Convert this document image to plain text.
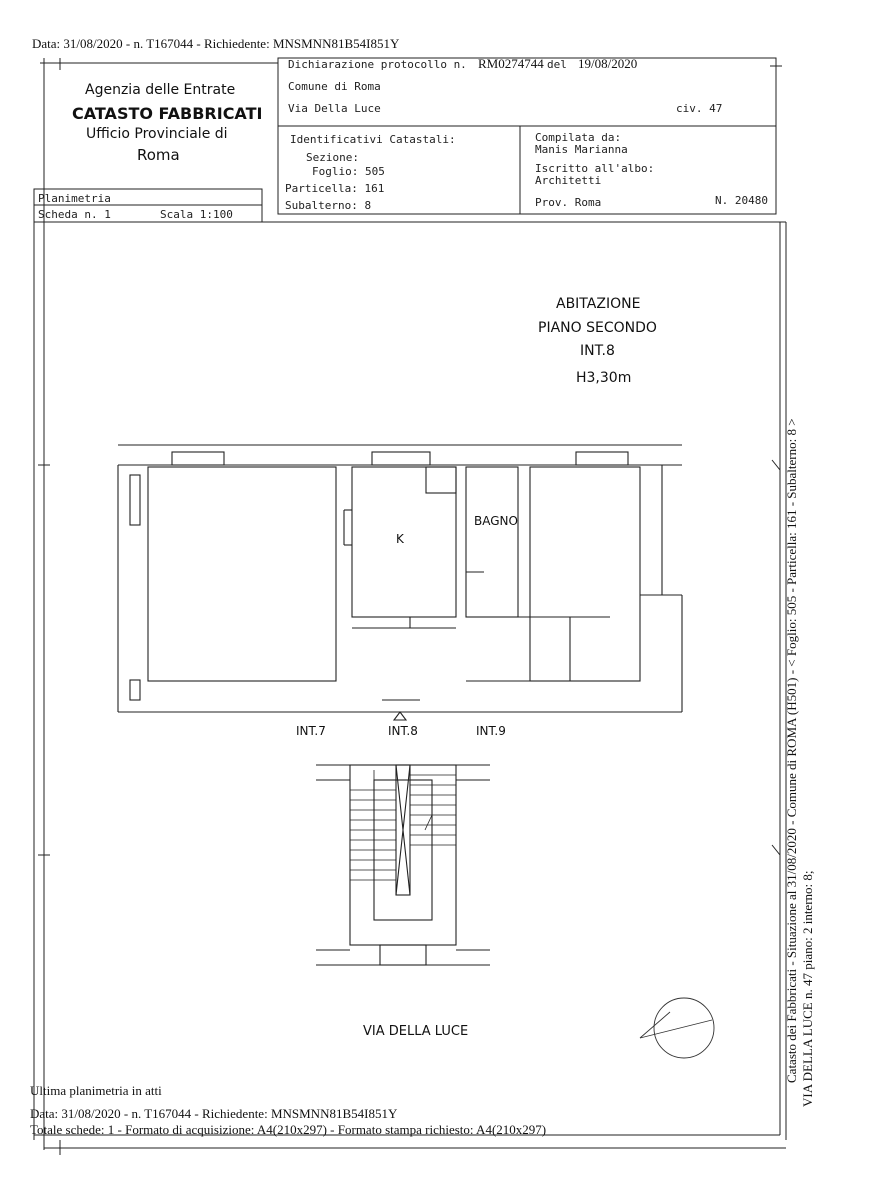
Data: 31/08/2020 - n. T167044 - Richiedente: MNSMNN81B54I851Y
Agenzia delle Entrate
CATASTO FABBRICATI
Ufficio Provinciale di
Roma
Dichiarazione protocollo n. RM0274744 del 19/08/2020
Comune di Roma
Via Della Luce	civ. 47
Identificativi Catastali:
Sezione:
Foglio: 505
Particella: 161
Subalterno: 8
Compilata da:
Manis Marianna
Iscritto all'albo:
Architetti
Prov. Roma	N. 20480
Planimetria
Scheda n. 1	Scala 1:100
ABITAZIONE
PIANO SECONDO
INT.8
H3,30m
K
BAGNO
INT.7	INT.8	INT.9
VIA DELLA LUCE	Catasto dei Fabbricati - Situazione al 31/08/2020 - Comune di ROMA (H501) - < Foglio: 505 - Particella: 161 - Subalterno: 8 > VIA DELLA LUCE n. 47 piano: 2 interno: 8;
Ultima planimetria in atti
Data: 31/08/2020 - n. T167044 - Richiedente: MNSMNN81B54I851Y
Totale schede: 1 - Formato di acquisizione: A4(210x297) - Formato stampa richiesto: A4(210x297)
